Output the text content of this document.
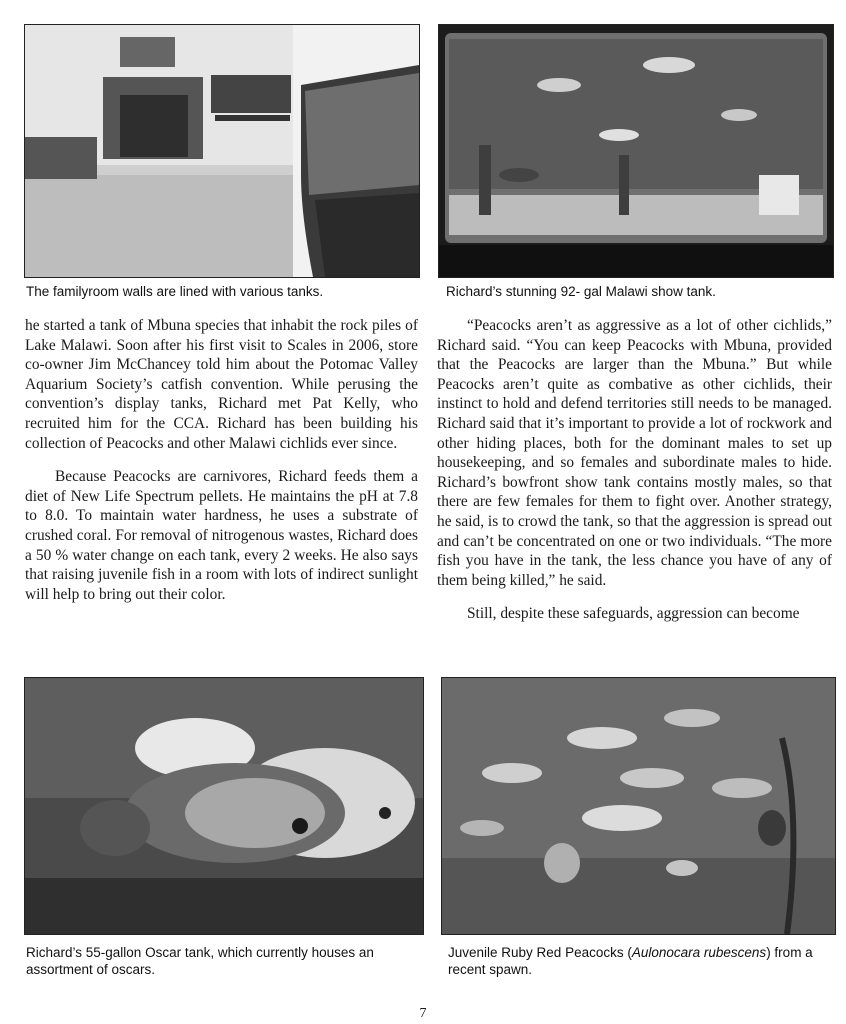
The familyroom walls are lined with various tanks.	Richard’s stunning 92- gal Malawi show tank.

he started a tank of Mbuna species that inhabit the rock piles of Lake Malawi. Soon after his first visit to Scales in 2006, store co-owner Jim McChancey told him about the Potomac Valley Aquarium Society’s catfish convention. While perusing the convention’s display tanks, Richard met Pat Kelly, who recruited him for the CCA. Richard has been building his collection of Peacocks and other Malawi cichlids ever since.

Because Peacocks are carnivores, Richard feeds them a diet of New Life Spectrum pellets. He maintains the pH at 7.8 to 8.0. To maintain water hardness, he uses a substrate of crushed coral. For removal of nitrogenous wastes, Richard does a 50 % water change on each tank, every 2 weeks. He also says that raising juvenile fish in a room with lots of indirect sunlight will help to bring out their color.

“Peacocks aren’t as aggressive as a lot of other cichlids,” Richard said. “You can keep Peacocks with Mbuna, provided that the Peacocks are larger than the Mbuna.” But while Peacocks aren’t quite as combative as other cichlids, their instinct to hold and defend territories still needs to be managed. Richard said that it’s important to provide a lot of rockwork and other hiding places, both for the dominant males to set up housekeeping, and so females and subordinate males to hide. Richard’s bowfront show tank contains mostly males, so that there are few females for them to fight over. Another strategy, he said, is to crowd the tank, so that the aggression is spread out and can’t be concentrated on one or two individuals. “The more fish you have in the tank, the less chance you have of any of them being killed,” he said.

Still, despite these safeguards, aggression can become

Richard’s 55-gallon Oscar tank, which currently houses an assortment of oscars.
Juvenile Ruby Red Peacocks (Aulonocara rubescens) from a recent spawn.
7
